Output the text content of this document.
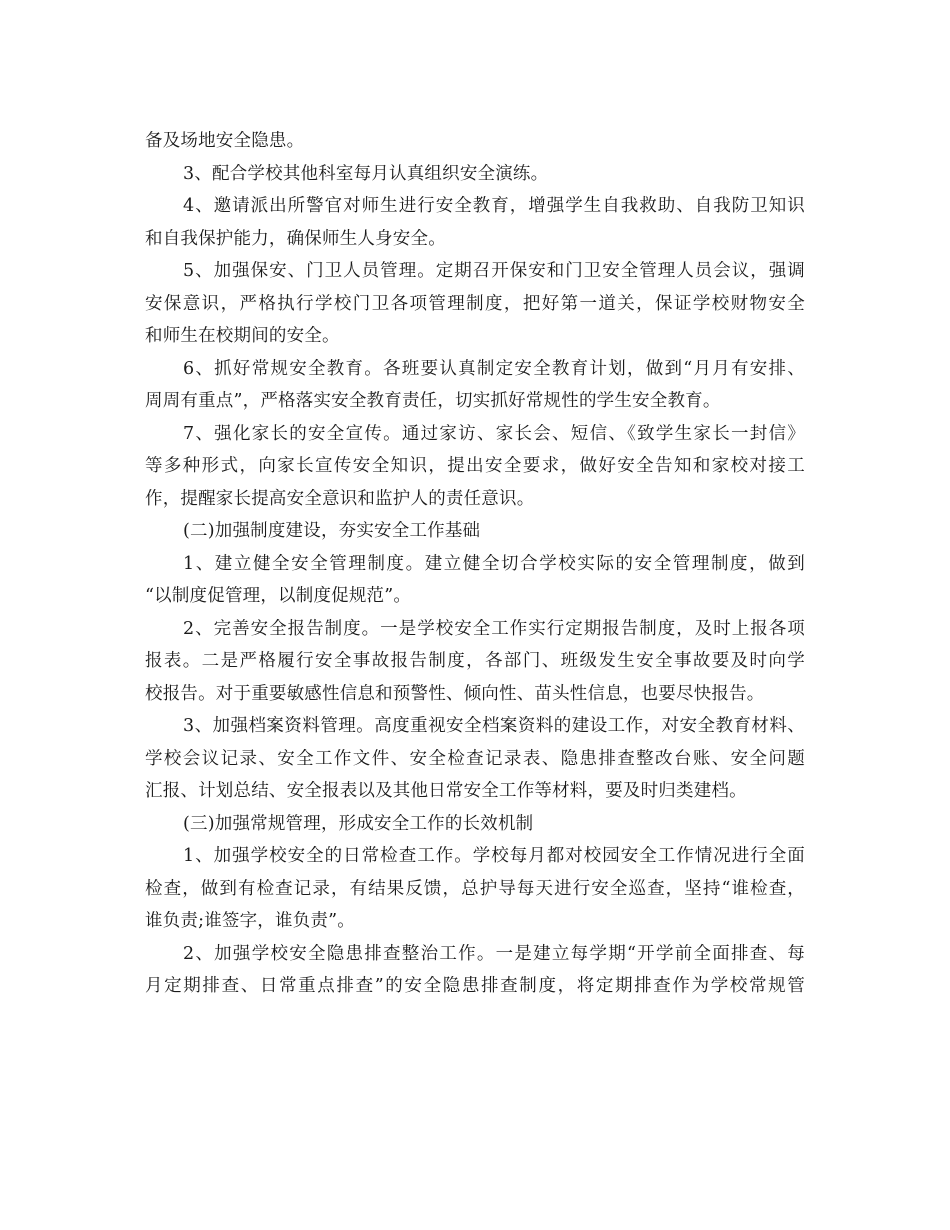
备及场地安全隐患。
3、配合学校其他科室每月认真组织安全演练。
4、邀请派出所警官对师生进行安全教育，增强学生自我救助、自我防卫知识
和自我保护能力，确保师生人身安全。
5、加强保安、门卫人员管理。定期召开保安和门卫安全管理人员会议，强调
安保意识，严格执行学校门卫各项管理制度，把好第一道关，保证学校财物安全
和师生在校期间的安全。
6、抓好常规安全教育。各班要认真制定安全教育计划，做到“月月有安排、
周周有重点”，严格落实安全教育责任，切实抓好常规性的学生安全教育。
7、强化家长的安全宣传。通过家访、家长会、短信、《致学生家长一封信》
等多种形式，向家长宣传安全知识，提出安全要求，做好安全告知和家校对接工
作，提醒家长提高安全意识和监护人的责任意识。
(二)加强制度建设，夯实安全工作基础
1、建立健全安全管理制度。建立健全切合学校实际的安全管理制度，做到
“以制度促管理，以制度促规范”。
2、完善安全报告制度。一是学校安全工作实行定期报告制度，及时上报各项
报表。二是严格履行安全事故报告制度，各部门、班级发生安全事故要及时向学
校报告。对于重要敏感性信息和预警性、倾向性、苗头性信息，也要尽快报告。
3、加强档案资料管理。高度重视安全档案资料的建设工作，对安全教育材料、
学校会议记录、安全工作文件、安全检查记录表、隐患排查整改台账、安全问题
汇报、计划总结、安全报表以及其他日常安全工作等材料，要及时归类建档。
(三)加强常规管理，形成安全工作的长效机制
1、加强学校安全的日常检查工作。学校每月都对校园安全工作情况进行全面
检查，做到有检查记录，有结果反馈，总护导每天进行安全巡查，坚持“谁检查，
谁负责;谁签字，谁负责”。
2、加强学校安全隐患排查整治工作。一是建立每学期“开学前全面排查、每
月定期排查、日常重点排查”的安全隐患排查制度，将定期排查作为学校常规管
